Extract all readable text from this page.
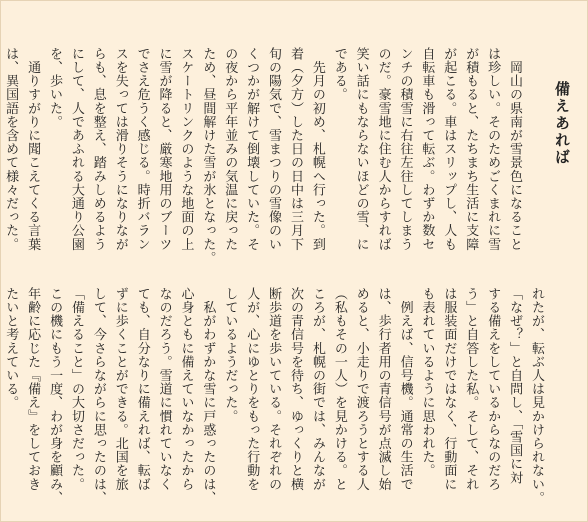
備えあれば
　岡山の県南が雪景色になること
は珍しい。そのためごくまれに雪
が積もると、たちまち生活に支障
が起こる。車はスリップし、人も
自転車も滑って転ぶ。わずか数セ
ンチの積雪に右往左往してしまう
のだ。豪雪地に住む人からすれば
笑い話にもならないほどの雪、に
である。
　先月の初め、札幌へ行った。到
着（夕方）した日の日中は三月下
旬の陽気で、雪まつりの雪像のい
くつかが解けて倒壊していた。そ
の夜から平年並みの気温に戻った
ため、昼間解けた雪が氷となった。
スケートリンクのような地面の上
に雪が降ると、厳寒地用のブーツ
でさえ危うく感じる。時折バラン
スを失っては滑りそうになりなが
らも、息を整え、踏みしめるよう
にして、人であふれる大通り公園
を、歩いた。
　通りすがりに聞こえてくる言葉
は、異国語を含めて様々だった。
れたが、転ぶ人は見かけられない。
「なぜ？」と自問し、「雪国に対
する備えをしているからなのだろ
う」と自答した私。そして、それ
は服装面だけではなく、行動面に
も表れているように思われた。
　例えば、信号機。通常の生活で
は、歩行者用の青信号が点滅し始
めると、小走りで渡ろうとする人
（私もその一人）を見かける。と
ころが、札幌の街では、みんなが
次の青信号を待ち、ゆっくりと横
断歩道を歩いている。それぞれの
人が、心にゆとりをもった行動を
しているようだった。
　私がわずかな雪に戸惑ったのは、
心身ともに備えていなかったから
なのだろう。雪道に慣れていなく
ても、自分なりに備えれば、転ば
ずに歩くことができる。北国を旅
して、今さらながらに思ったのは、
「備えること」の大切さだった。
この機にもう一度、わが身を顧み、
年齢に応じた『備え』をしておき
たいと考えている。
